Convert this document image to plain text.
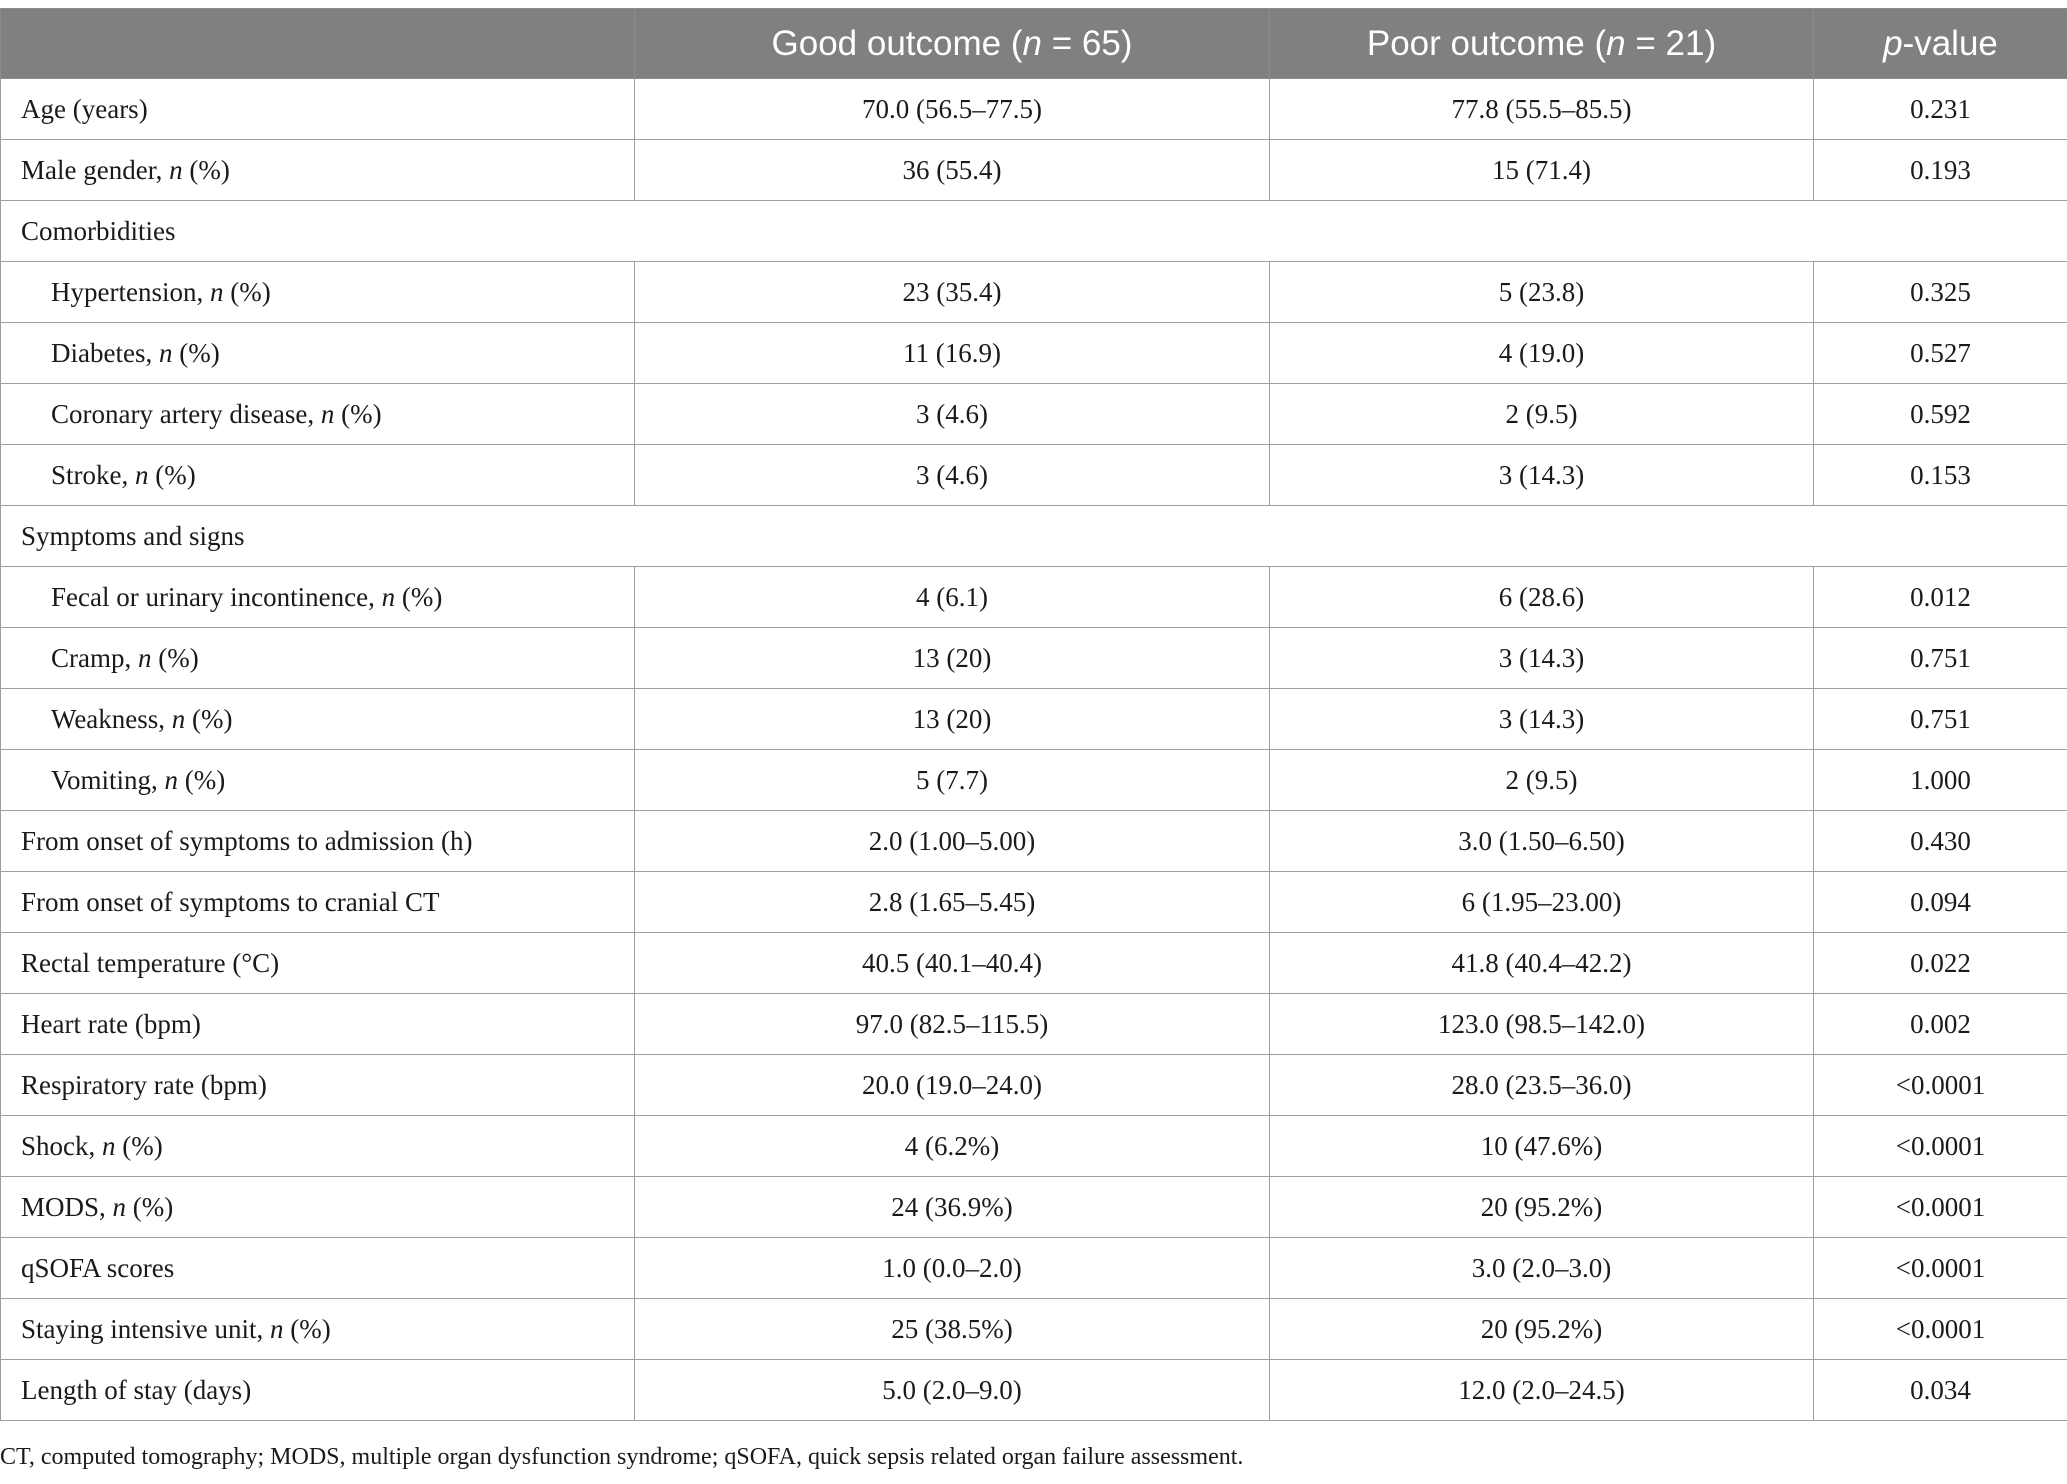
	Good outcome (n = 65)	Poor outcome (n = 21)	p-value
Age (years)	70.0 (56.5–77.5)	77.8 (55.5–85.5)	0.231
Male gender, n (%)	36 (55.4)	15 (71.4)	0.193
Comorbidities			
Hypertension, n (%)	23 (35.4)	5 (23.8)	0.325
Diabetes, n (%)	11 (16.9)	4 (19.0)	0.527
Coronary artery disease, n (%)	3 (4.6)	2 (9.5)	0.592
Stroke, n (%)	3 (4.6)	3 (14.3)	0.153
Symptoms and signs			
Fecal or urinary incontinence, n (%)	4 (6.1)	6 (28.6)	0.012
Cramp, n (%)	13 (20)	3 (14.3)	0.751
Weakness, n (%)	13 (20)	3 (14.3)	0.751
Vomiting, n (%)	5 (7.7)	2 (9.5)	1.000
From onset of symptoms to admission (h)	2.0 (1.00–5.00)	3.0 (1.50–6.50)	0.430
From onset of symptoms to cranial CT	2.8 (1.65–5.45)	6 (1.95–23.00)	0.094
Rectal temperature (°C)	40.5 (40.1–40.4)	41.8 (40.4–42.2)	0.022
Heart rate (bpm)	97.0 (82.5–115.5)	123.0 (98.5–142.0)	0.002
Respiratory rate (bpm)	20.0 (19.0–24.0)	28.0 (23.5–36.0)	<0.0001
Shock, n (%)	4 (6.2%)	10 (47.6%)	<0.0001
MODS, n (%)	24 (36.9%)	20 (95.2%)	<0.0001
qSOFA scores	1.0 (0.0–2.0)	3.0 (2.0–3.0)	<0.0001
Staying intensive unit, n (%)	25 (38.5%)	20 (95.2%)	<0.0001
Length of stay (days)	5.0 (2.0–9.0)	12.0 (2.0–24.5)	0.034
CT, computed tomography; MODS, multiple organ dysfunction syndrome; qSOFA, quick sepsis related organ failure assessment.
